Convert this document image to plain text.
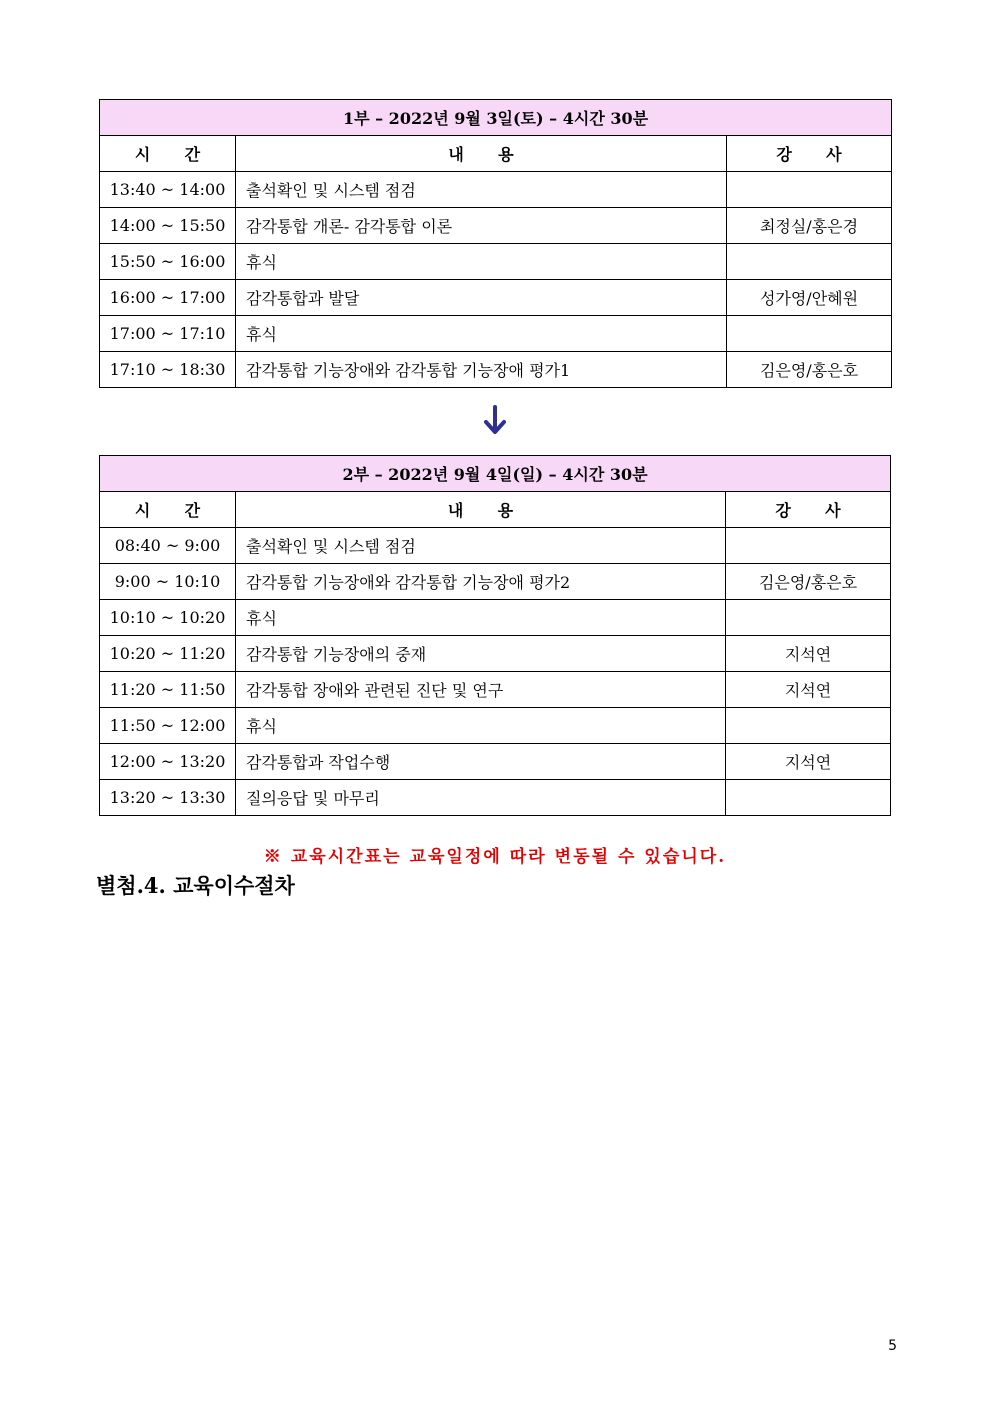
1부 – 2022년 9월 3일(토) – 4시간 30분		
시 간	내 용	강 사
13:40 ~ 14:00	출석확인 및 시스템 점검	
14:00 ~ 15:50	감각통합 개론- 감각통합 이론	최정실/홍은경
15:50 ~ 16:00	휴식	
16:00 ~ 17:00	감각통합과 발달	성가영/안혜원
17:00 ~ 17:10	휴식	
17:10 ~ 18:30	감각통합 기능장애와 감각통합 기능장애 평가1	김은영/홍은호
2부 – 2022년 9월 4일(일) – 4시간 30분		
시 간	내 용	강 사
08:40 ~ 9:00	출석확인 및 시스템 점검	
9:00 ~ 10:10	감각통합 기능장애와 감각통합 기능장애 평가2	김은영/홍은호
10:10 ~ 10:20	휴식	
10:20 ~ 11:20	감각통합 기능장애의 중재	지석연
11:20 ~ 11:50	감각통합 장애와 관련된 진단 및 연구	지석연
11:50 ~ 12:00	휴식	
12:00 ~ 13:20	감각통합과 작업수행	지석연
13:20 ~ 13:30	질의응답 및 마무리	
※ 교육시간표는 교육일정에 따라 변동될 수 있습니다.
별첨.4. 교육이수절차
5
